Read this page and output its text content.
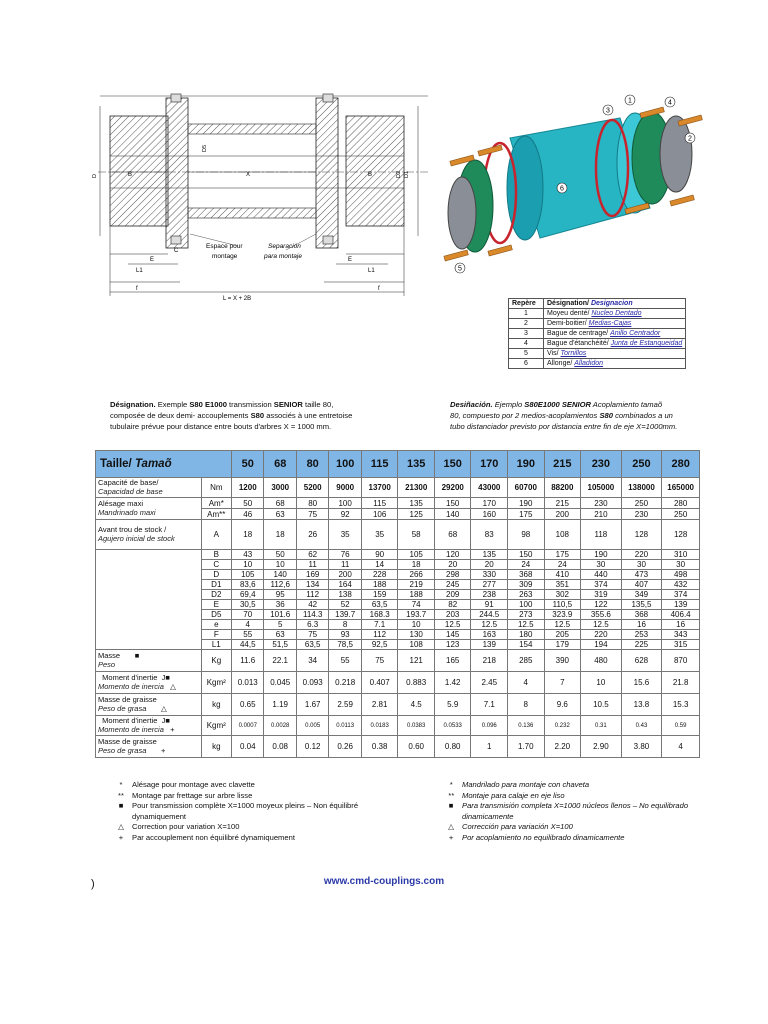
B	X	B
C
E
L1
f
E
L1
f
L = X + 2B
D5
D2 D1
D
Espace pour
montage
Separación
para montaje
5
6
3
1	4
2
Repère	Désignation/ Designacion
1	Moyeu denté/ Nucleo Dentado
2	Demi-boitier/ Medias-Cajas
3	Bague de centrage/ Anillo Centrador
4	Bague d'étanchéité/ Junta de Estanqueidad
5	Vis/ Tornillos
6	Allonge/ Alladidon
Désignation. Exemple S80 E1000 transmission SENIOR taille 80,
composée de deux demi- accouplements S80 associés à une entretoise
tubulaire prévue pour distance entre bouts d'arbres X = 1000 mm.
Desiñación. Ejemplo S80E1000 SENIOR Acoplamiento tamaõ
80, compuesto por 2 medios-acoplamientos S80 combinados a un
tubo distanciador previsto por distancia entre fin de eje X=1000mm.
Taille/ Tamaõ		50	68	80	100	115	135	150	170	190	215	230	250	280
Capacité de base/
Capacidad de base	Nm	1200	3000	5200	9000	13700	21300	29200	43000	60700	88200	105000	138000	165000
Alésage maxi
Mandrinado maxi	Am*	50	68	80	100	115	135	150	170	190	215	230	250	280
	Am**	46	63	75	92	106	125	140	160	175	200	210	230	250
Avant trou de stock /
Agujero inicial de stock	A	18	18	26	35	35	58	68	83	98	108	118	128	128
	B	43	50	62	76	90	105	120	135	150	175	190	220	310
	C	10	10	11	11	14	18	20	20	24	24	30	30	30
	D	105	140	169	200	228	266	298	330	368	410	440	473	498
	D1	83,6	112,6	134	164	188	219	245	277	309	351	374	407	432
	D2	69,4	95	112	138	159	188	209	238	263	302	319	349	374
	E	30,5	36	42	52	63,5	74	82	91	100	110,5	122	135,5	139
	D5	70	101.6	114.3	139.7	168.3	193.7	203	244.5	273	323.9	355.6	368	406.4
	e	4	5	6.3	8	7.1	10	12.5	12.5	12.5	12.5	12.5	16	16
	F	55	63	75	93	112	130	145	163	180	205	220	253	343
	L1	44,5	51,5	63,5	78,5	92,5	108	123	139	154	179	194	225	315
Masse ■
Peso	Kg	11.6	22.1	34	55	75	121	165	218	285	390	480	628	870
Moment d'inertie J■
Momento de inercia △	Kgm²	0.013	0.045	0.093	0.218	0.407	0.883	1.42	2.45	4	7	10	15.6	21.8
Masse de graisse
Peso de grasa △	kg	0.65	1.19	1.67	2.59	2.81	4.5	5.9	7.1	8	9.6	10.5	13.8	15.3
Moment d'inertie J■
Momento de inercia +	Kgm²	0.0007	0.0028	0.005	0.0113	0.0183	0.0383	0.0533	0.096	0.136	0.232	0.31	0.43	0.59
Masse de graisse
Peso de grasa +	kg	0.04	0.08	0.12	0.26	0.38	0.60	0.80	1	1.70	2.20	2.90	3.80	4
*	Alésage pour montage avec clavette
**	Montage par frettage sur arbre lisse
■	Pour transmission complète X=1000 moyeux pleins – Non équilibré dynamiquement
△	Correction pour variation X=100
+	Par accouplement non équilibré dynamiquement
*	Mandrilado para montaje con chaveta
**	Montaje para calaje en eje liso
■	Para transmisión completa X=1000 núcleos llenos – No equilibrado dinamicamente
△	Corrección para variación X=100
+	Por acoplamiento no equilibrado dinamicamente
)	www.cmd-couplings.com
